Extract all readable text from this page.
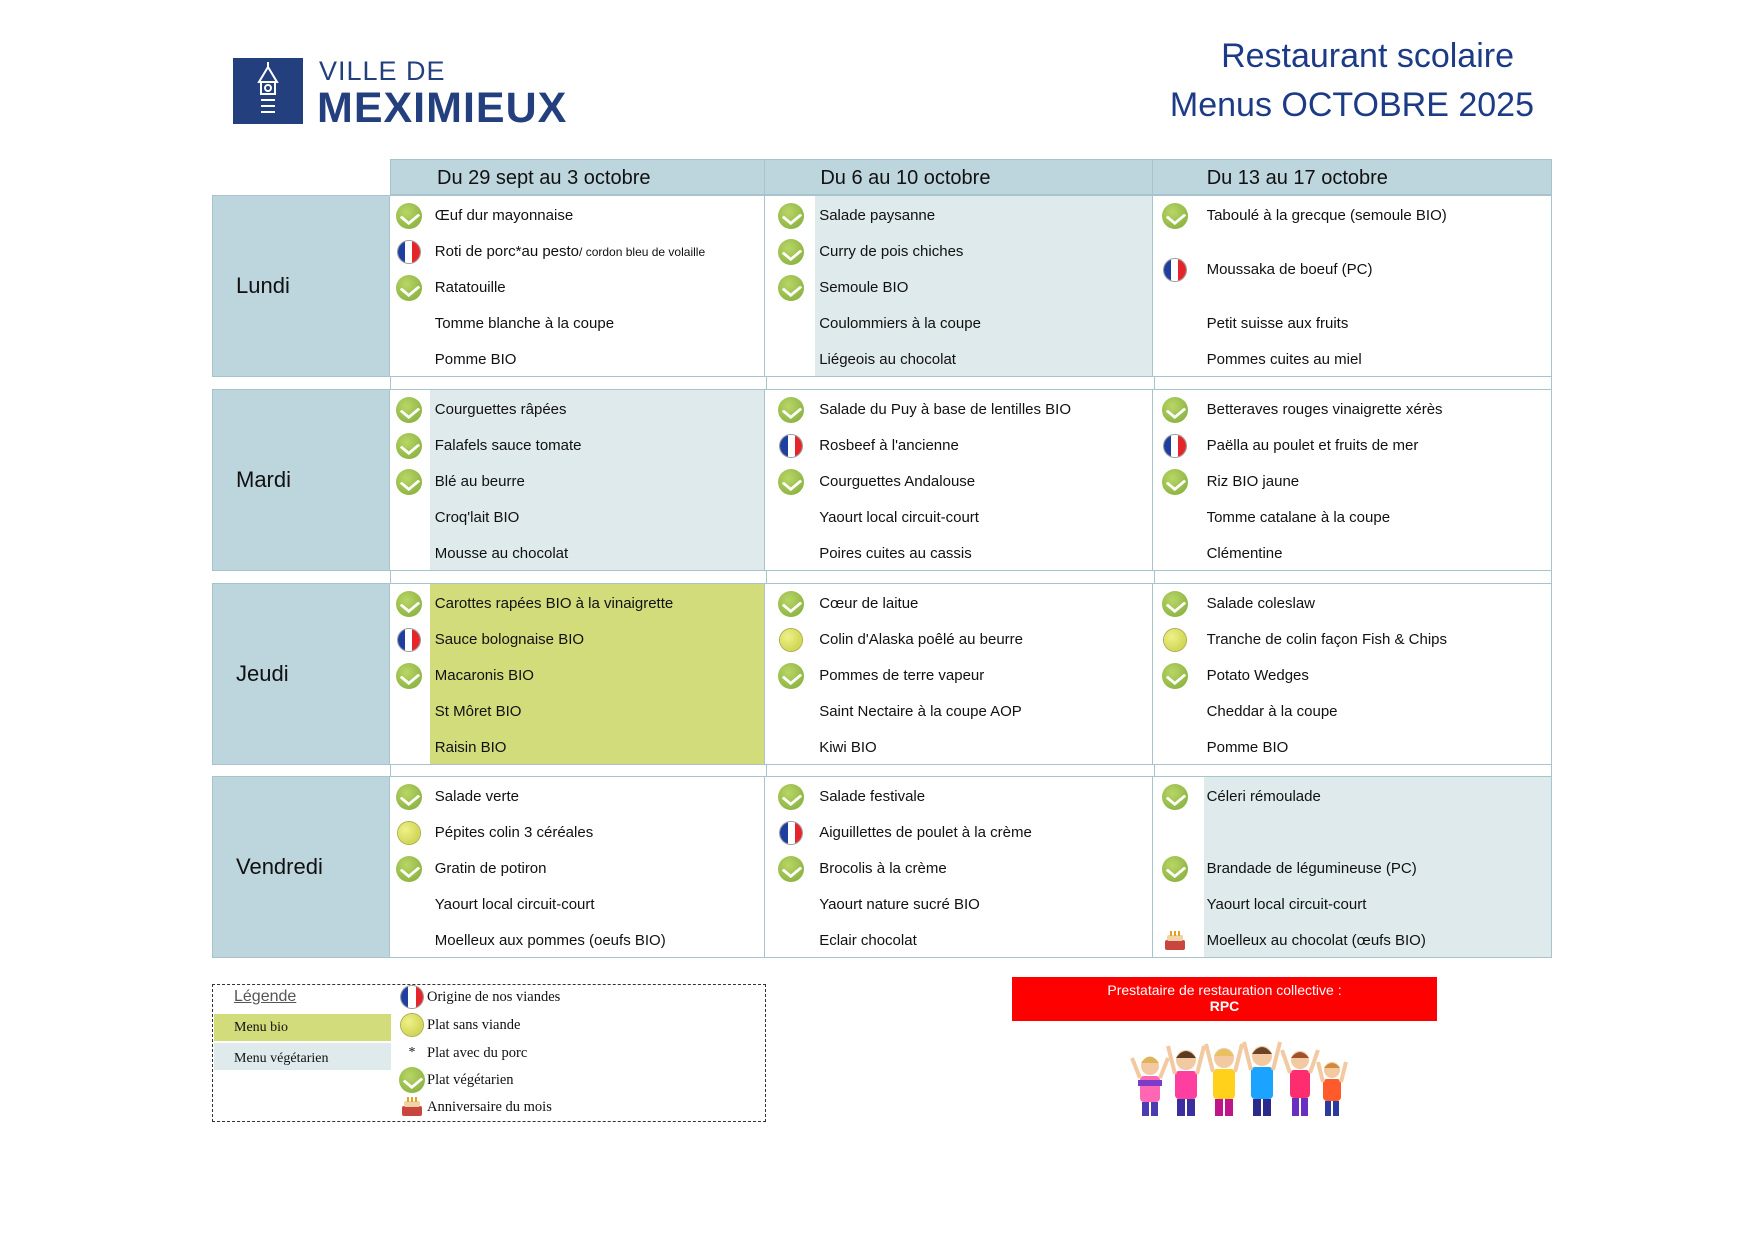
VILLE DE
MEXIMIEUX
Restaurant scolaire
Menus OCTOBRE 2025
Du 29 sept au 3 octobre	Du 6 au 10 octobre	Du 13 au 17 octobre
Lundi
Œuf dur mayonnaise
Roti de porc*au pesto/ cordon bleu de volaille
Ratatouille
Tomme blanche à la coupe
Pomme BIO
Salade paysanne
Curry de pois chiches
Semoule BIO
Coulommiers à la coupe
Liégeois au chocolat
Taboulé à la grecque (semoule BIO)
Moussaka de boeuf (PC)
Petit suisse aux fruits
Pommes cuites au miel
Mardi
Courguettes râpées
Falafels sauce tomate
Blé au beurre
Croq'lait BIO
Mousse au chocolat
Salade du Puy à base de lentilles BIO
Rosbeef à l'ancienne
Courguettes Andalouse
Yaourt local circuit-court
Poires cuites au cassis
Betteraves rouges vinaigrette xérès
Paëlla au poulet et fruits de mer
Riz BIO jaune
Tomme catalane à la coupe
Clémentine
Jeudi
Carottes rapées BIO à la vinaigrette
Sauce bolognaise BIO
Macaronis BIO
St Môret BIO
Raisin BIO
Cœur de laitue
Colin d'Alaska poêlé au beurre
Pommes de terre vapeur
Saint Nectaire à la coupe AOP
Kiwi BIO
Salade coleslaw
Tranche de colin façon Fish & Chips
Potato Wedges
Cheddar à la coupe
Pomme BIO
Vendredi
Salade verte
Pépites colin 3 céréales
Gratin de potiron
Yaourt local circuit-court
Moelleux aux pommes (oeufs BIO)
Salade festivale
Aiguillettes de poulet à la crème
Brocolis à la crème
Yaourt nature sucré BIO
Eclair chocolat
Céleri rémoulade
Brandade de légumineuse (PC)
Yaourt local circuit-court
Moelleux au chocolat (œufs BIO)
Légende
Menu bio
Menu végétarien
Origine de nos viandes
Plat sans viande
* Plat avec du porc
Plat végétarien
Anniversaire du mois
Prestataire de restauration collective :
RPC
